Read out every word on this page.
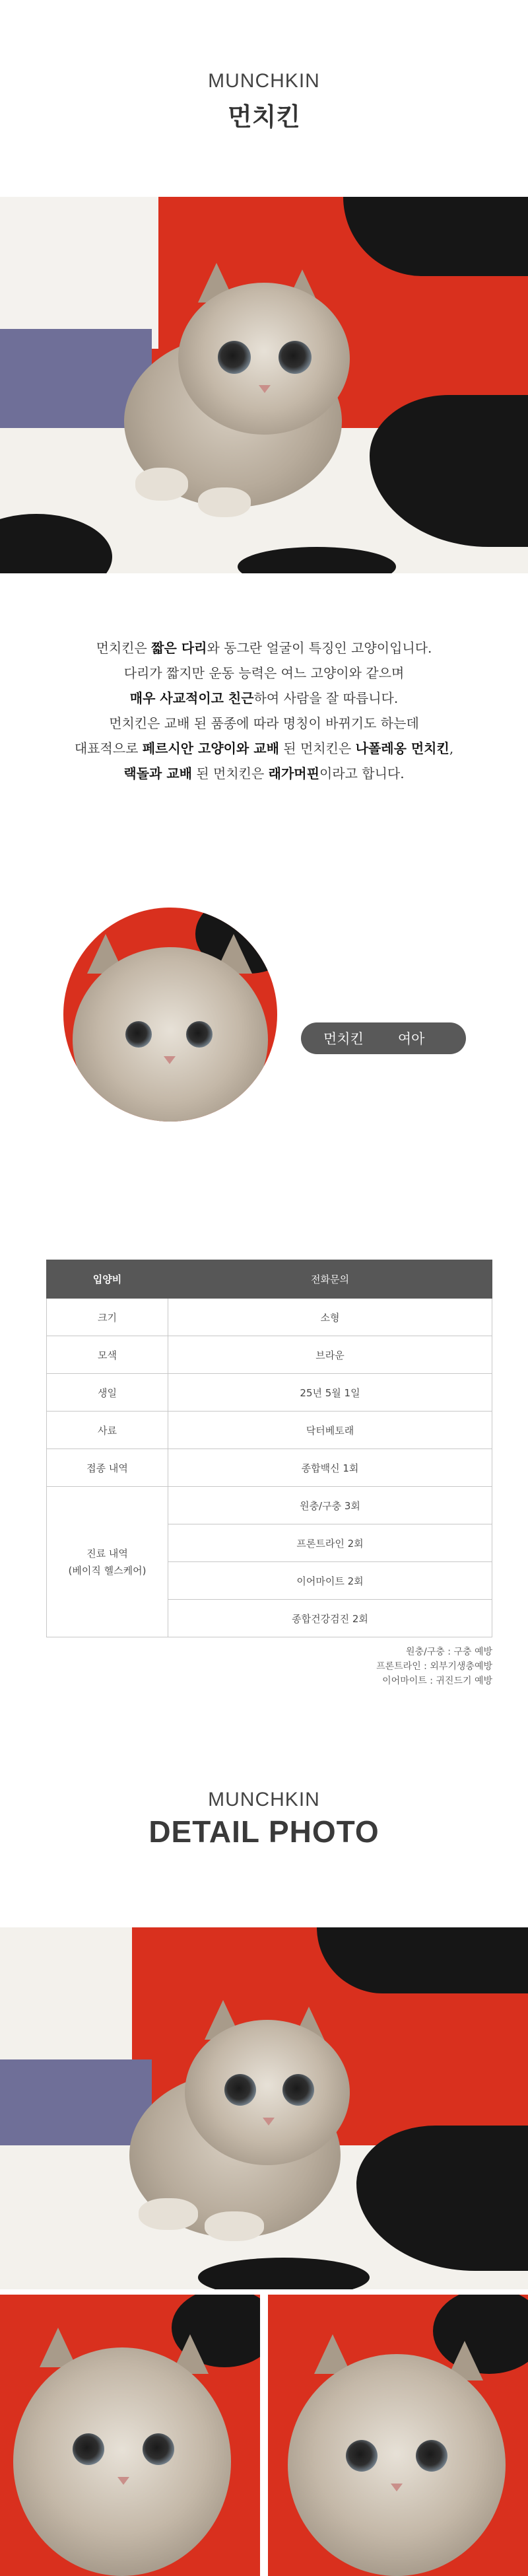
MUNCHKIN
먼치킨
먼치킨은 짧은 다리와 동그란 얼굴이 특징인 고양이입니다.
다리가 짧지만 운동 능력은 여느 고양이와 같으며
매우 사교적이고 친근하여 사람을 잘 따릅니다.
먼치킨은 교배 된 품종에 따라 명칭이 바뀌기도 하는데
대표적으로 페르시안 고양이와 교배 된 먼치킨은 나폴레옹 먼치킨,
랙돌과 교배 된 먼치킨은 래가머핀이라고 합니다.
먼치킨 여아
입양비	전화문의
크기	소형
모색	브라운
생일	25년 5월 1일
사료	닥터베토래
접종 내역	종합백신 1회

진료 내역
(베이직 헬스케어)	원충/구충 3회
	프론트라인 2회
	이어마이트 2회
	종합건강검진 2회
원충/구충 : 구충 예방
프론트라인 : 외부기생충예방
이어마이트 : 귀진드기 예방
MUNCHKIN
DETAIL PHOTO
